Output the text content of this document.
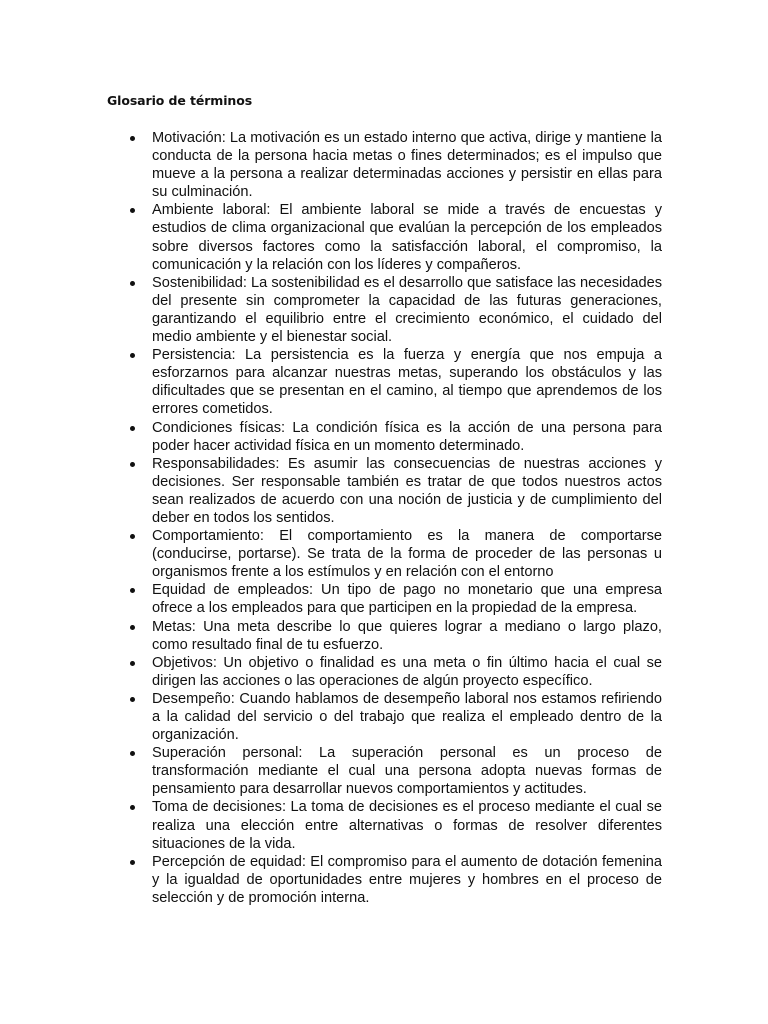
Glosario de términos
Motivación: La motivación es un estado interno que activa, dirige y mantiene la conducta de la persona hacia metas o fines determinados; es el impulso que mueve a la persona a realizar determinadas acciones y persistir en ellas para su culminación.
Ambiente laboral: El ambiente laboral se mide a través de encuestas y estudios de clima organizacional que evalúan la percepción de los empleados sobre diversos factores como la satisfacción laboral, el compromiso, la comunicación y la relación con los líderes y compañeros.
Sostenibilidad: La sostenibilidad es el desarrollo que satisface las necesidades del presente sin comprometer la capacidad de las futuras generaciones, garantizando el equilibrio entre el crecimiento económico, el cuidado del medio ambiente y el bienestar social.
Persistencia: La persistencia es la fuerza y energía que nos empuja a esforzarnos para alcanzar nuestras metas, superando los obstáculos y las dificultades que se presentan en el camino, al tiempo que aprendemos de los errores cometidos.
Condiciones físicas: La condición física es la acción de una persona para poder hacer actividad física en un momento determinado.
Responsabilidades: Es asumir las consecuencias de nuestras acciones y decisiones. Ser responsable también es tratar de que todos nuestros actos sean realizados de acuerdo con una noción de justicia y de cumplimiento del deber en todos los sentidos.
Comportamiento: El comportamiento es la manera de comportarse (conducirse, portarse). Se trata de la forma de proceder de las personas u organismos frente a los estímulos y en relación con el entorno
Equidad de empleados: Un tipo de pago no monetario que una empresa ofrece a los empleados para que participen en la propiedad de la empresa.
Metas: Una meta describe lo que quieres lograr a mediano o largo plazo, como resultado final de tu esfuerzo.
Objetivos: Un objetivo o finalidad es una meta o fin último hacia el cual se dirigen las acciones o las operaciones de algún proyecto específico.
Desempeño: Cuando hablamos de desempeño laboral nos estamos refiriendo a la calidad del servicio o del trabajo que realiza el empleado dentro de la organización.
Superación personal: La superación personal es un proceso de transformación mediante el cual una persona adopta nuevas formas de pensamiento para desarrollar nuevos comportamientos y actitudes.
Toma de decisiones: La toma de decisiones es el proceso mediante el cual se realiza una elección entre alternativas o formas de resolver diferentes situaciones de la vida.
Percepción de equidad: El compromiso para el aumento de dotación femenina y la igualdad de oportunidades entre mujeres y hombres en el proceso de selección y de promoción interna.
